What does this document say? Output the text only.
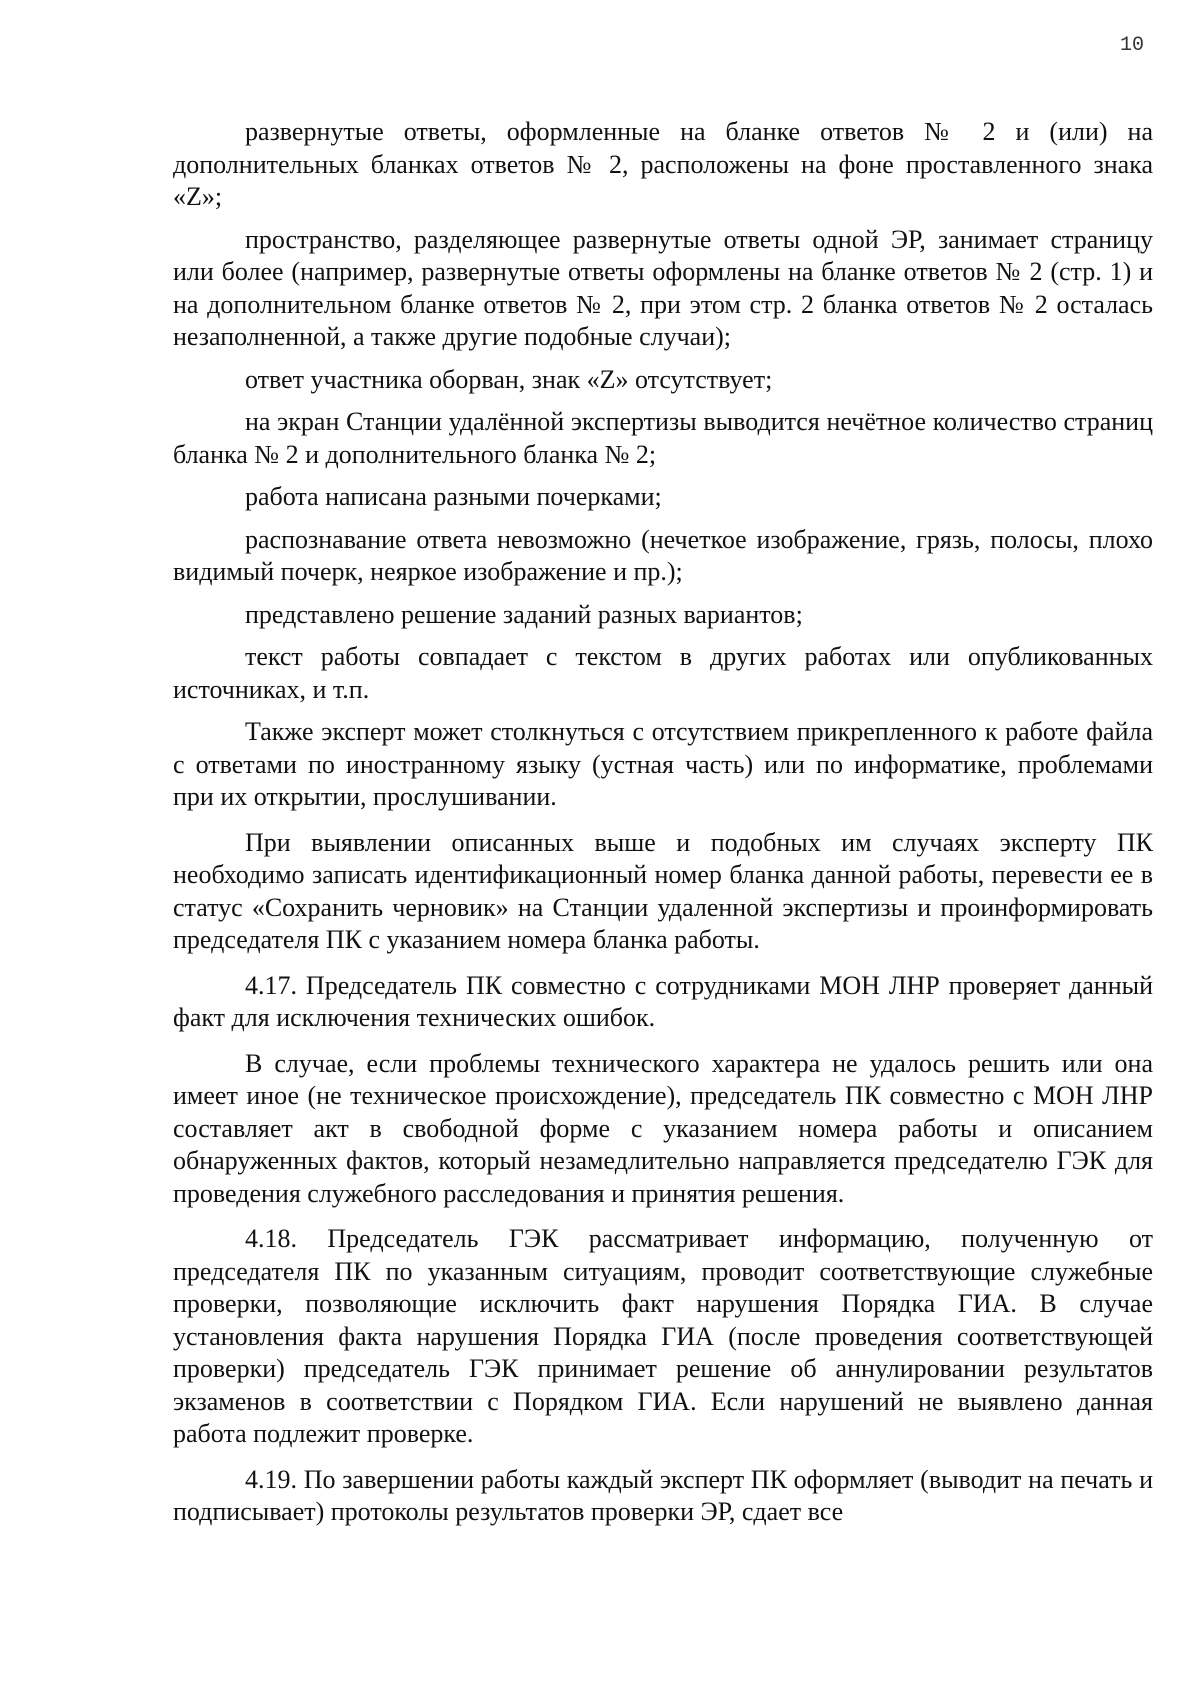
10

развернутые ответы, оформленные на бланке ответов № 2 и (или) на дополнительных бланках ответов № 2, расположены на фоне проставленного знака «Z»;

пространство, разделяющее развернутые ответы одной ЭР, занимает страницу или более (например, развернутые ответы оформлены на бланке ответов № 2 (стр. 1) и на дополнительном бланке ответов № 2, при этом стр. 2 бланка ответов № 2 осталась незаполненной, а также другие подобные случаи);

ответ участника оборван, знак «Z» отсутствует;

на экран Станции удалённой экспертизы выводится нечётное количество страниц бланка № 2 и дополнительного бланка № 2;

работа написана разными почерками;

распознавание ответа невозможно (нечеткое изображение, грязь, полосы, плохо видимый почерк, неяркое изображение и пр.);

представлено решение заданий разных вариантов;

текст работы совпадает с текстом в других работах или опубликованных источниках, и т.п.

Также эксперт может столкнуться с отсутствием прикрепленного к работе файла с ответами по иностранному языку (устная часть) или по информатике, проблемами при их открытии, прослушивании.

При выявлении описанных выше и подобных им случаях эксперту ПК необходимо записать идентификационный номер бланка данной работы, перевести ее в статус «Сохранить черновик» на Станции удаленной экспертизы и проинформировать председателя ПК с указанием номера бланка работы.

4.17. Председатель ПК совместно с сотрудниками МОН ЛНР проверяет данный факт для исключения технических ошибок.

В случае, если проблемы технического характера не удалось решить или она имеет иное (не техническое происхождение), председатель ПК совместно с МОН ЛНР составляет акт в свободной форме с указанием номера работы и описанием обнаруженных фактов, который незамедлительно направляется председателю ГЭК для проведения служебного расследования и принятия решения.

4.18. Председатель ГЭК рассматривает информацию, полученную от председателя ПК по указанным ситуациям, проводит соответствующие служебные проверки, позволяющие исключить факт нарушения Порядка ГИА. В случае установления факта нарушения Порядка ГИА (после проведения соответствующей проверки) председатель ГЭК принимает решение об аннулировании результатов экзаменов в соответствии с Порядком ГИА. Если нарушений не выявлено данная работа подлежит проверке.

4.19. По завершении работы каждый эксперт ПК оформляет (выводит на печать и подписывает) протоколы результатов проверки ЭР, сдает все
